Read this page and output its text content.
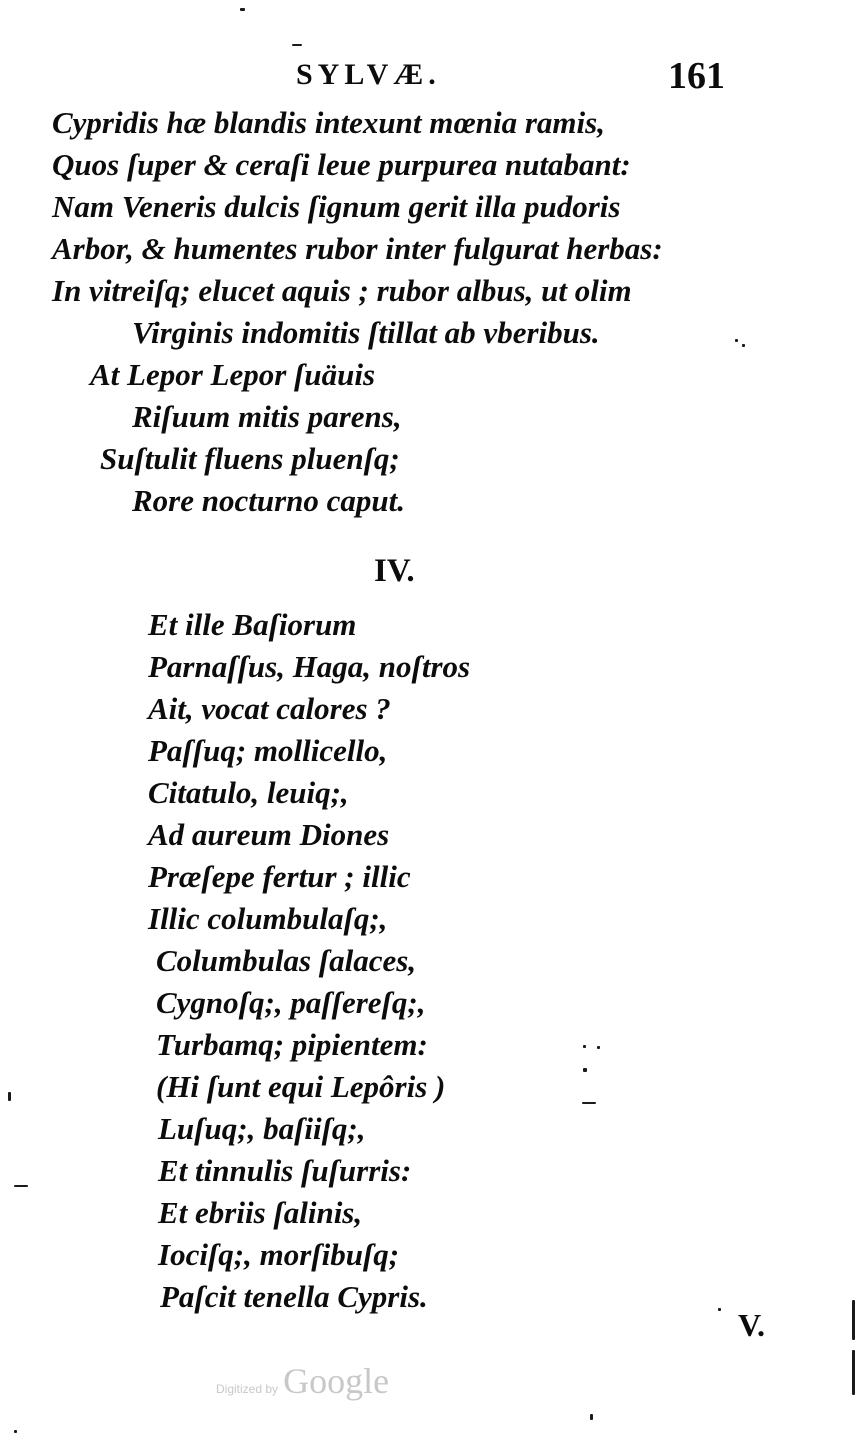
SYLVÆ.	161
Cypridis hæ blandis intexunt mœnia ramis,
Quos ſuper & ceraſi leue purpurea nutabant:
Nam Veneris dulcis ſignum gerit illa pudoris
Arbor, & humentes rubor inter fulgurat herbas:
In vitreiſq; elucet aquis ; rubor albus, ut olim
Virginis indomitis ſtillat ab vberibus.
At Lepor Lepor ſuäuis
Riſuum mitis parens,
Suſtulit fluens pluenſq;
Rore nocturno caput.
IV.
Et ille Baſiorum
Parnaſſus, Haga, noſtros
Ait, vocat calores ?
Paſſuq; mollicello,
Citatulo, leuiq;,
Ad aureum Diones
Præſepe fertur ; illic
Illic columbulaſq;,
Columbulas ſalaces,
Cygnoſq;, paſſereſq;,
Turbamq; pipientem:
(Hi ſunt equi Lepôris )
Luſuq;, baſiiſq;,
Et tinnulis ſuſurris:
Et ebriis ſalinis,
Iociſq;, morſibuſq;
Paſcit tenella Cypris.
V.
Digitized by Google
